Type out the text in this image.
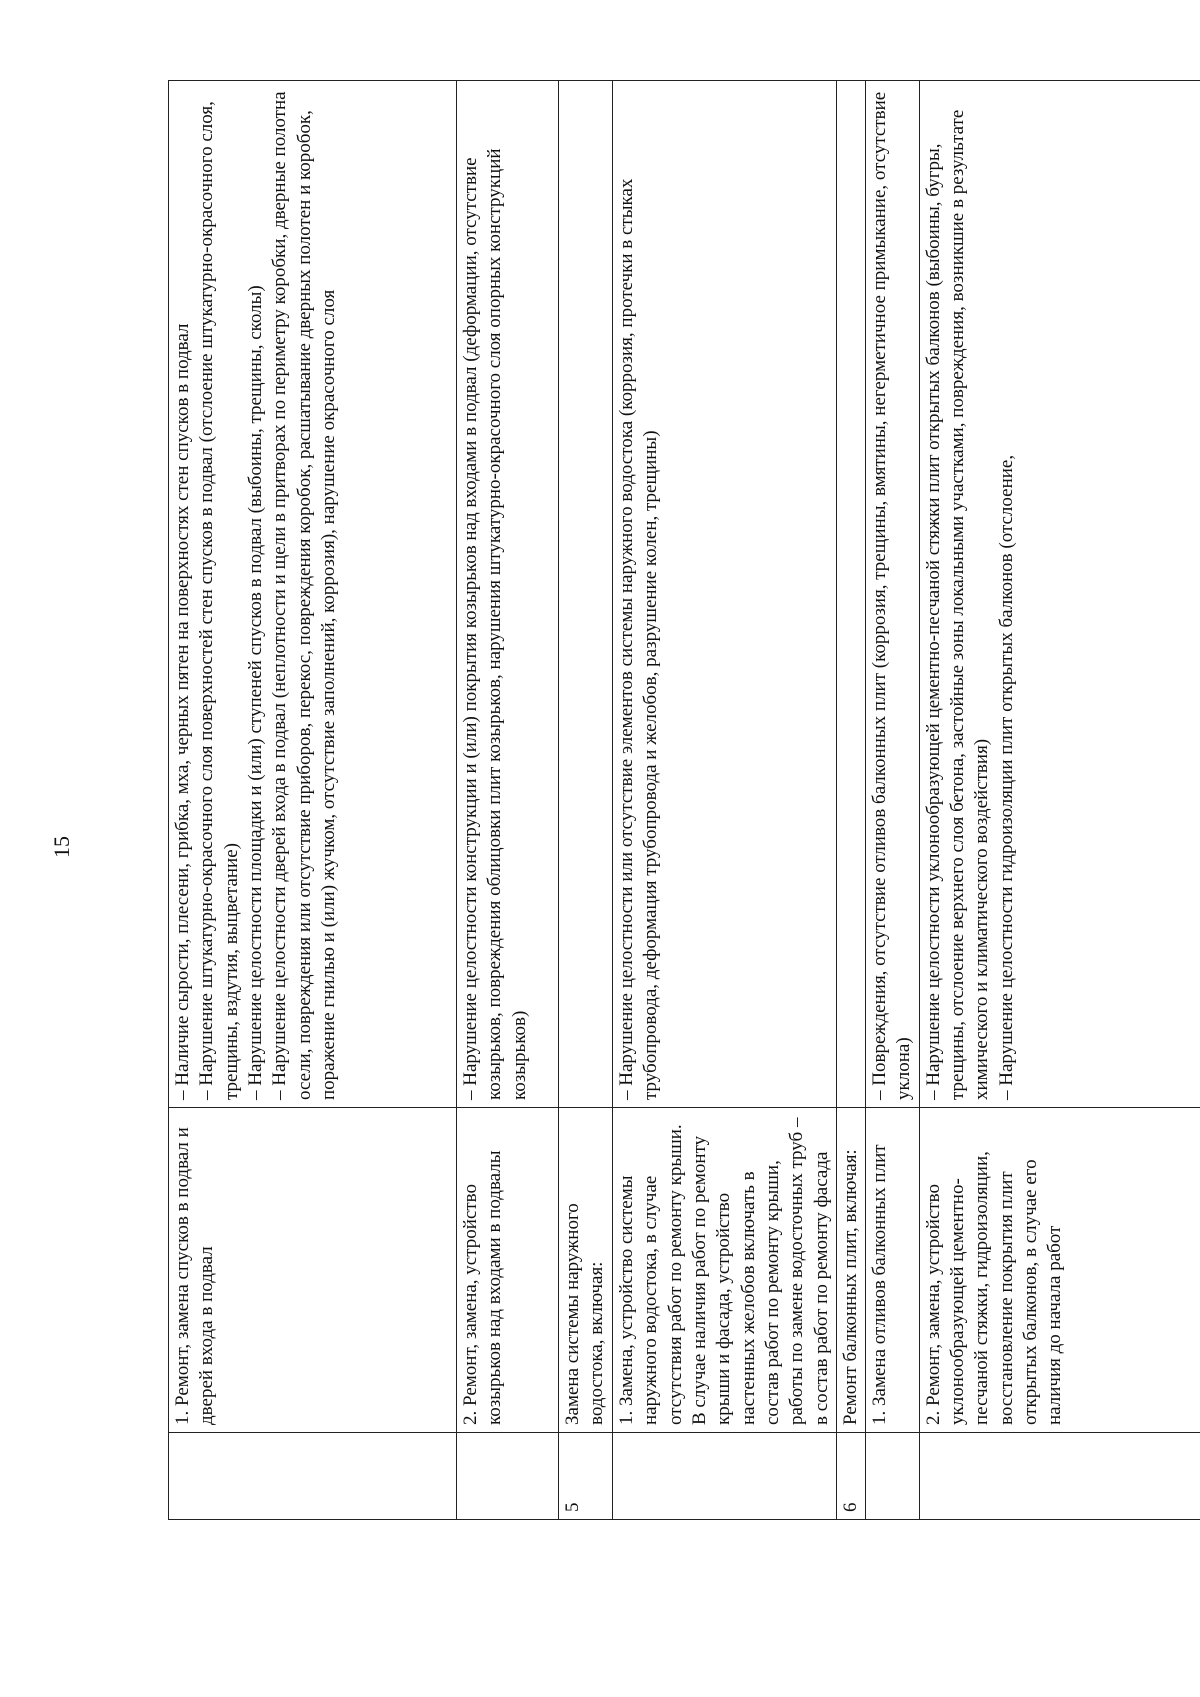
15
	1. Ремонт, замена спусков в подвал и дверей входа в подвал	– Наличие сырости, плесени, грибка, мха, черных пятен на поверхностях стен спусков в подвал – Нарушение штукатурно-окрасочного слоя поверхностей стен спусков в подвал (отслоение штукатурно-окрасочного слоя, трещины, вздутия, выцветание) – Нарушение целостности площадки и (или) ступеней спусков в подвал (выбоины, трещины, сколы) – Нарушение целостности дверей входа в подвал (неплотности и щели в притворах по периметру коробки, дверные полотна осели, повреждения или отсутствие приборов, перекос, повреждения коробок, расшатывание дверных полотен и коробок, поражение гнилью и (или) жучком, отсутствие заполнений, коррозия), нарушение окрасочного слоя

	2. Ремонт, замена, устройство козырьков над входами в подвалы	– Нарушение целостности конструкции и (или) покрытия козырьков над входами в подвал (деформации, отсутствие козырьков, повреждения облицовки плит козырьков, нарушения штукатурно-окрасочного слоя опорных конструкций козырьков)

5	Замена системы наружного водостока, включая:	
	1. Замена, устройство системы наружного водостока, в случае отсутствия работ по ремонту крыши. В случае наличия работ по ремонту крыши и фасада, устройство настенных желобов включать в состав работ по ремонту крыши, работы по замене водосточных труб – в состав работ по ремонту фасада	– Нарушение целостности или отсутствие элементов системы наружного водостока (коррозия, протечки в стыках трубопровода, деформация трубопровода и желобов, разрушение колен, трещины)

6	Ремонт балконных плит, включая:	
	1. Замена отливов балконных плит	– Повреждения, отсутствие отливов балконных плит (коррозия, трещины, вмятины, негерметичное примыкание, отсутствие уклона)

	2. Ремонт, замена, устройство уклонообразующей цементно-песчаной стяжки, гидроизоляции, восстановление покрытия плит открытых балконов, в случае его наличия до начала работ	– Нарушение целостности уклонообразующей цементно-песчаной стяжки плит открытых балконов (выбоины, бугры, трещины, отслоение верхнего слоя бетона, застойные зоны локальными участками, повреждения, возникшие в результате химического и климатического воздействия) – Нарушение целостности гидроизоляции плит открытых балконов (отслоение,
